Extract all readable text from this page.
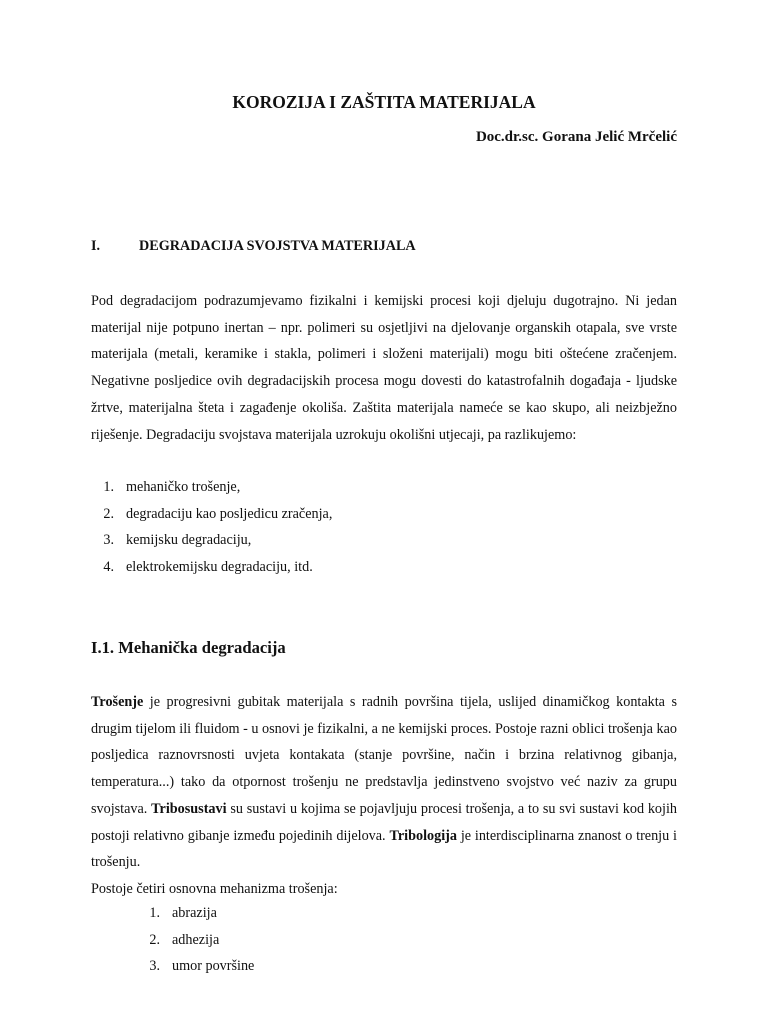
KOROZIJA I ZAŠTITA MATERIJALA

Doc.dr.sc. Gorana Jelić Mrčelić

I.	DEGRADACIJA SVOJSTVA MATERIJALA

Pod degradacijom podrazumjevamo fizikalni i kemijski procesi koji djeluju dugotrajno. Ni jedan materijal nije potpuno inertan – npr. polimeri su osjetljivi na djelovanje organskih otapala, sve vrste materijala (metali, keramike i stakla, polimeri i složeni materijali) mogu biti oštećene zračenjem. Negativne posljedice ovih degradacijskih procesa mogu dovesti do katastrofalnih događaja - ljudske žrtve, materijalna šteta i zagađenje okoliša. Zaštita materijala nameće se kao skupo, ali neizbježno riješenje. Degradaciju svojstava materijala uzrokuju okolišni utjecaji, pa razlikujemo:

1. mehaničko trošenje,
2. degradaciju kao posljedicu zračenja,
3. kemijsku degradaciju,
4. elektrokemijsku degradaciju, itd.
I.1. Mehanička degradacija

Trošenje je progresivni gubitak materijala s radnih površina tijela, uslijed dinamičkog kontakta s drugim tijelom ili fluidom - u osnovi je fizikalni, a ne kemijski proces. Postoje razni oblici trošenja kao posljedica raznovrsnosti uvjeta kontakata (stanje površine, način i brzina relativnog gibanja, temperatura...) tako da otpornost trošenju ne predstavlja jedinstveno svojstvo već naziv za grupu svojstava. Tribosustavi su sustavi u kojima se pojavljuju procesi trošenja, a to su svi sustavi kod kojih postoji relativno gibanje između pojedinih dijelova. Tribologija je interdisciplinarna znanost o trenju i trošenju.

Postoje četiri osnovna mehanizma trošenja:

1. abrazija
2. adhezija
3. umor površine
